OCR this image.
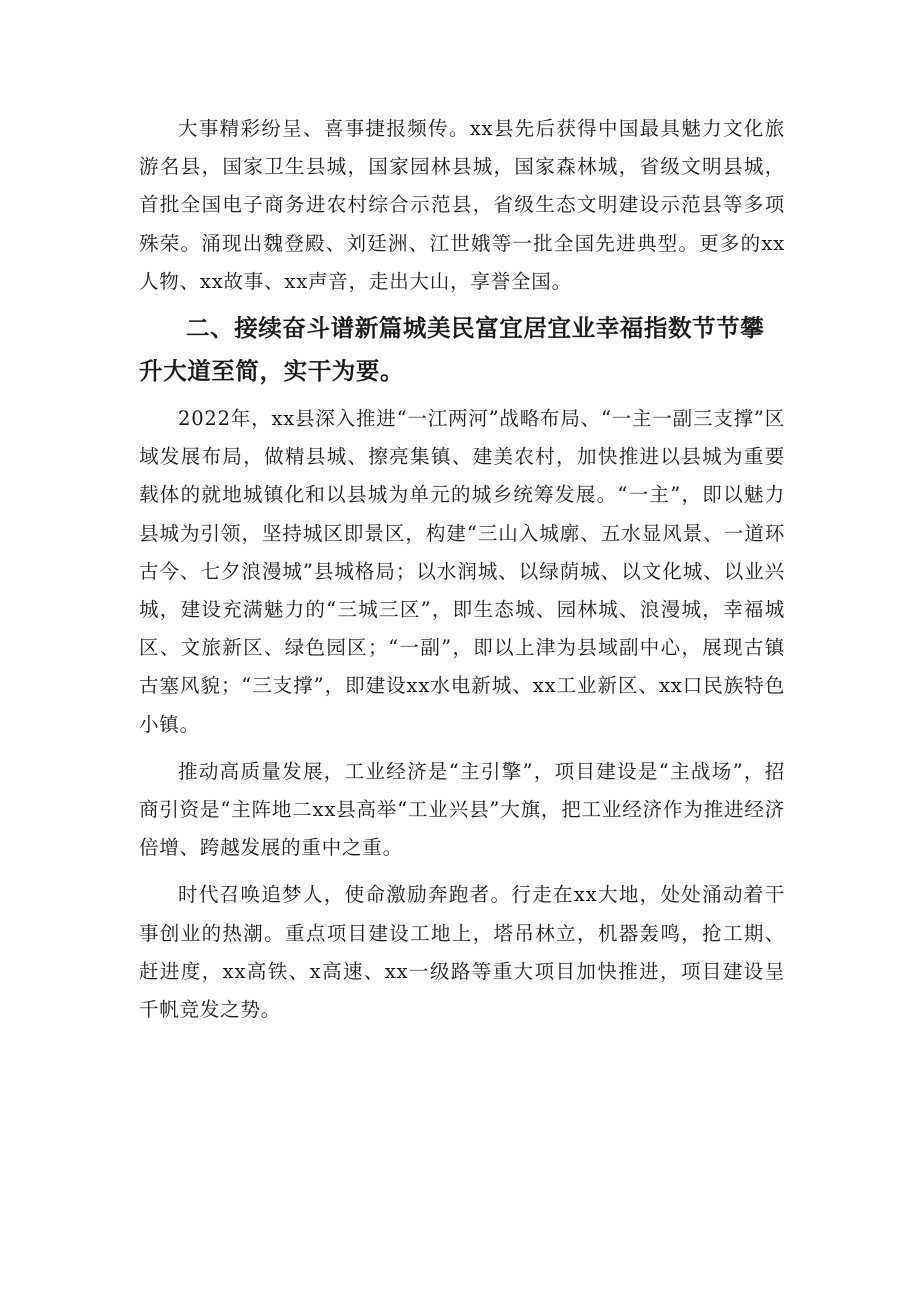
大事精彩纷呈、喜事捷报频传。xx县先后获得中国最具魅力文化旅游名县，国家卫生县城，国家园林县城，国家森林城，省级文明县城，首批全国电子商务进农村综合示范县，省级生态文明建设示范县等多项殊荣。涌现出魏登殿、刘廷洲、江世娥等一批全国先进典型。更多的xx人物、xx故事、xx声音，走出大山，享誉全国。

二、接续奋斗谱新篇城美民富宜居宜业幸福指数节节攀升大道至简，实干为要。

2022年，xx县深入推进“一江两河”战略布局、“一主一副三支撑”区域发展布局，做精县城、擦亮集镇、建美农村，加快推进以县城为重要载体的就地城镇化和以县城为单元的城乡统筹发展。“一主”，即以魅力县城为引领，坚持城区即景区，构建“三山入城廓、五水显风景、一道环古今、七夕浪漫城”县城格局；以水润城、以绿荫城、以文化城、以业兴城，建设充满魅力的“三城三区”，即生态城、园林城、浪漫城，幸福城区、文旅新区、绿色园区；“一副”，即以上津为县域副中心，展现古镇古塞风貌；“三支撑”，即建设xx水电新城、xx工业新区、xx口民族特色小镇。

推动高质量发展，工业经济是“主引擎”，项目建设是“主战场”，招商引资是“主阵地二xx县高举“工业兴县”大旗，把工业经济作为推进经济倍增、跨越发展的重中之重。

时代召唤追梦人，使命激励奔跑者。行走在xx大地，处处涌动着干事创业的热潮。重点项目建设工地上，塔吊林立，机器轰鸣，抢工期、赶进度，xx高铁、x高速、xx一级路等重大项目加快推进，项目建设呈千帆竞发之势。
